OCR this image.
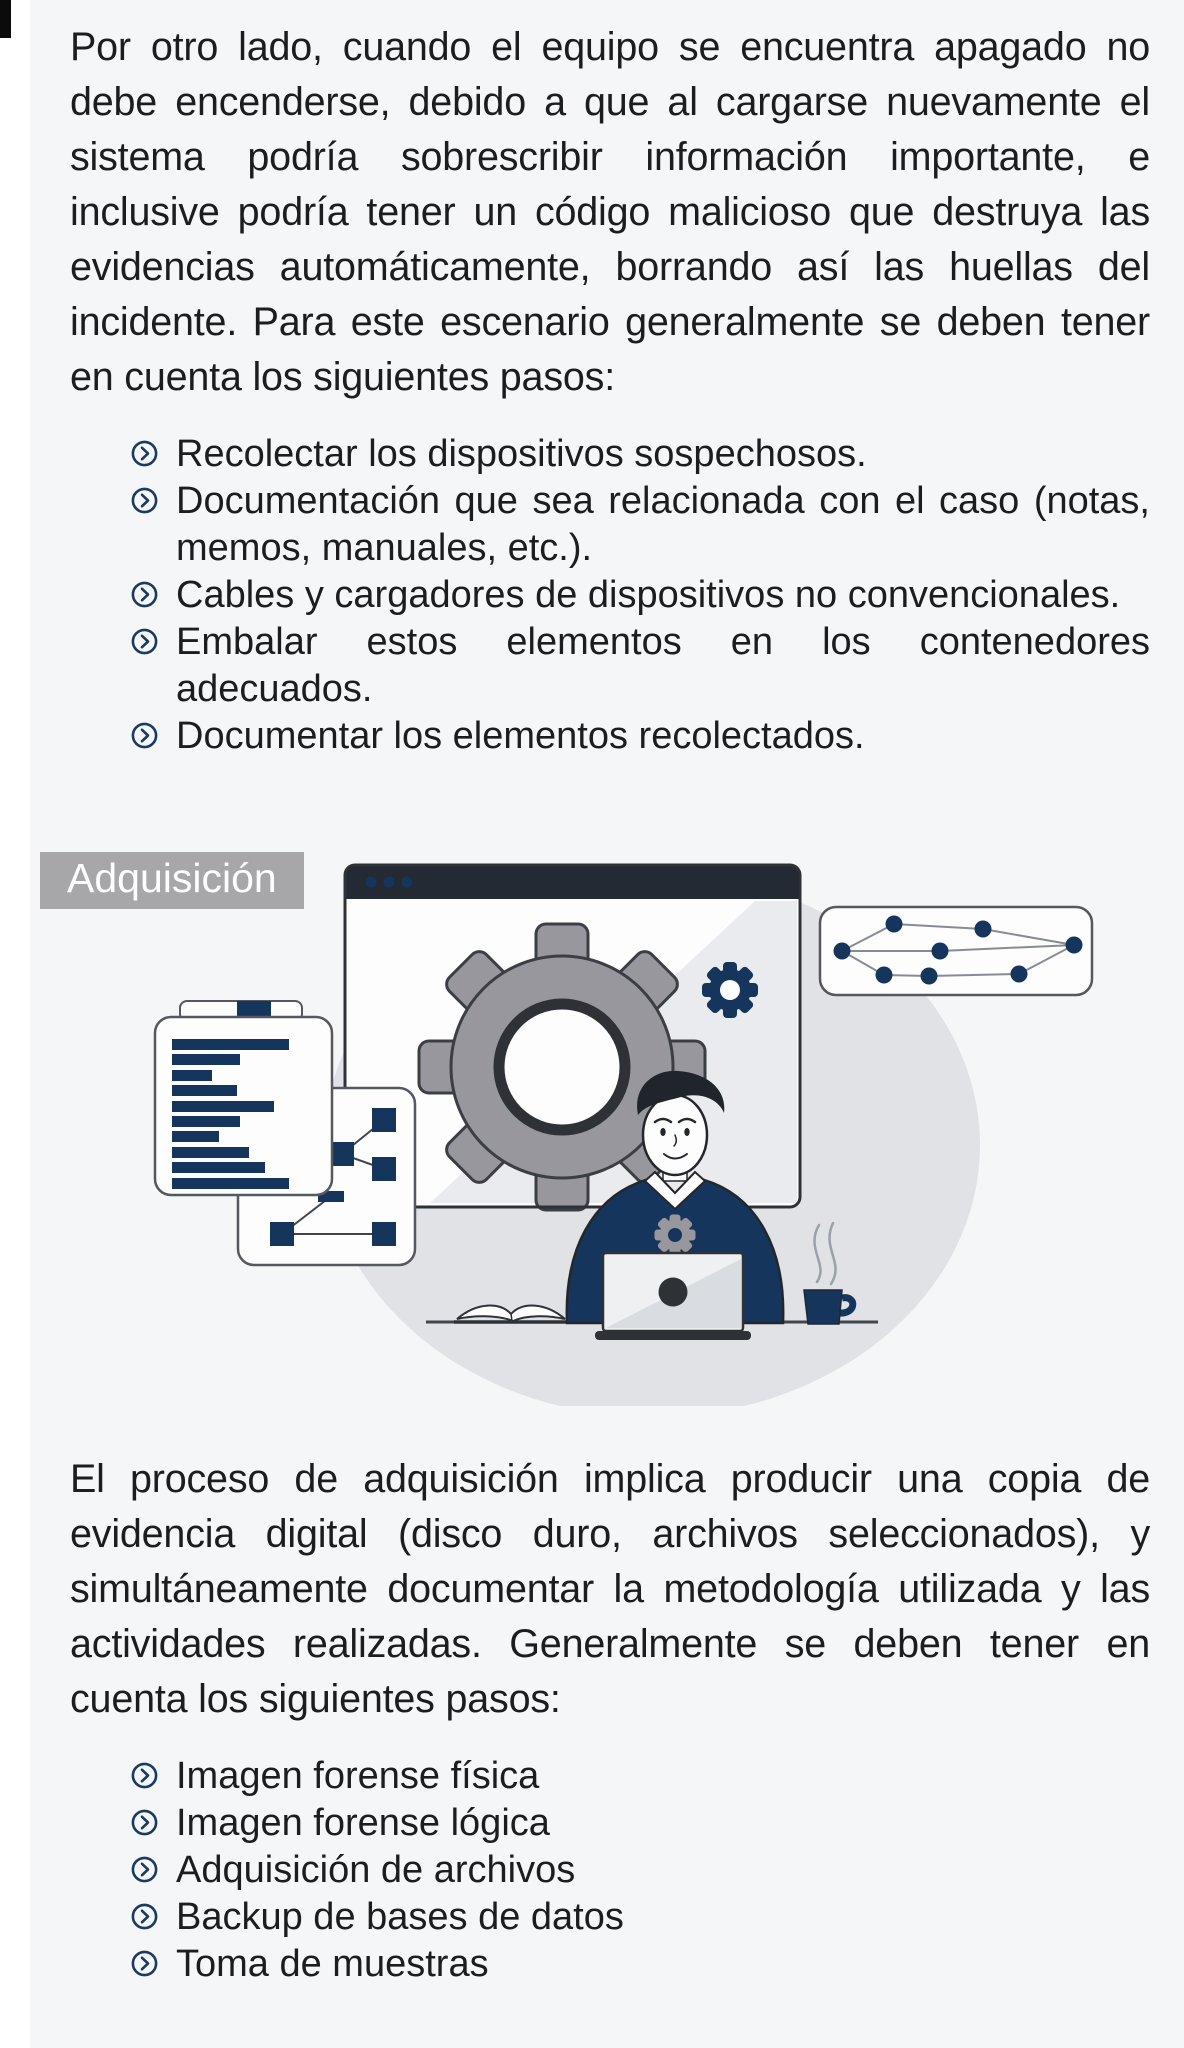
Por otro lado, cuando el equipo se encuentra apagado no debe encenderse, debido a que al cargarse nuevamente el sistema podría sobrescribir información importante, e inclusive podría tener un código malicioso que destruya las evidencias automáticamente, borrando así las huellas del incidente. Para este escenario generalmente se deben tener en cuenta los siguientes pasos:

Recolectar los dispositivos sospechosos.
Documentación que sea relacionada con el caso (notas, memos, manuales, etc.).
Cables y cargadores de dispositivos no convencionales.
Embalar estos elementos en los contenedores adecuados.
Documentar los elementos recolectados.
Adquisición

El proceso de adquisición implica producir una copia de evidencia digital (disco duro, archivos seleccionados), y simultáneamente documentar la metodología utilizada y las actividades realizadas. Generalmente se deben tener en cuenta los siguientes pasos:

Imagen forense física
Imagen forense lógica
Adquisición de archivos
Backup de bases de datos
Toma de muestras
